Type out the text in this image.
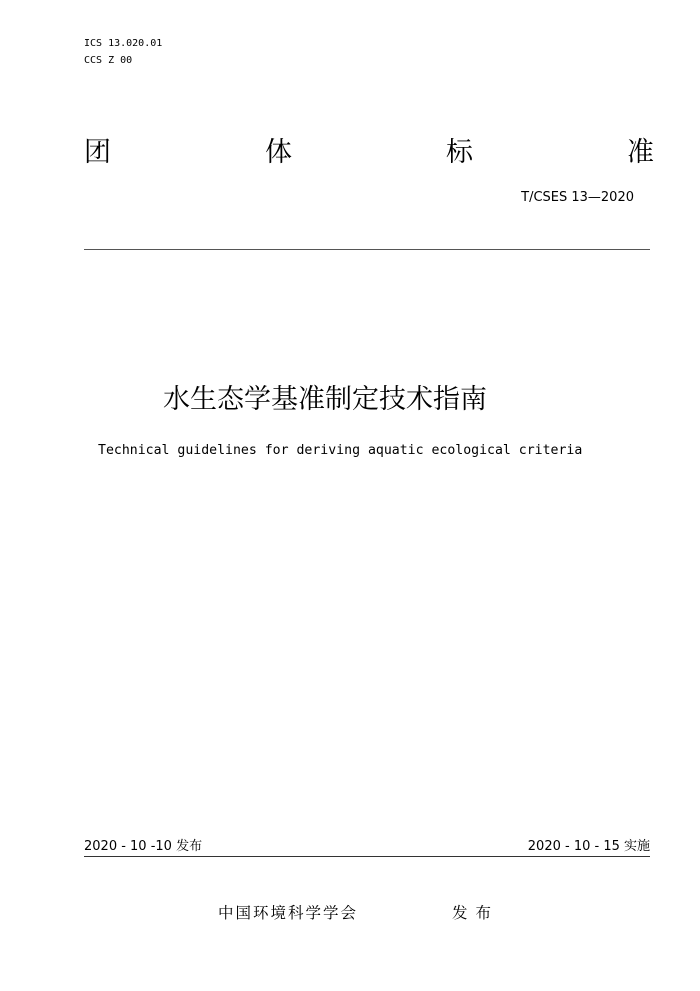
ICS 13.020.01
CCS Z 00
团	体	标	准
T/CSES 13—2020
水生态学基准制定技术指南
Technical guidelines for deriving aquatic ecological criteria
2020 - 10 -10 发布	2020 - 10 - 15 实施
中国环境科学学会	发布
